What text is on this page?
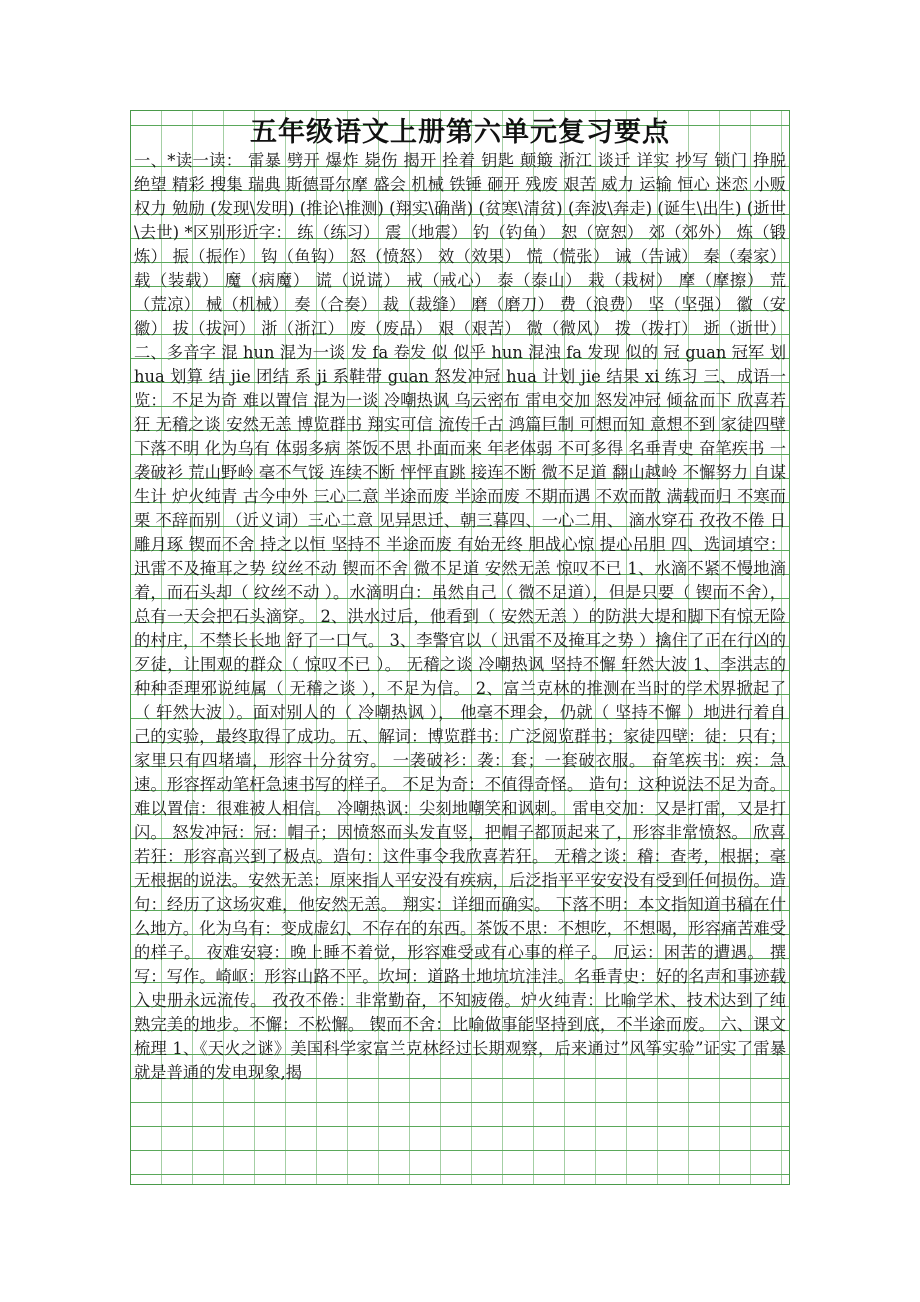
五年级语文上册第六单元复习要点

一、*读一读： 雷暴 劈开 爆炸 毙伤 揭开 拴着 钥匙 颠簸 浙江 谈迁 详实 抄写 锁门 挣脱 绝望 精彩 搜集 瑞典 斯德哥尔摩 盛会 机械 铁锤 砸开 残废 艰苦 威力 运输 恒心 迷恋 小贩 权力 勉励 (发现\发明) (推论\推测) (翔实\确凿) (贫寒\清贫) (奔波\奔走) (诞生\出生) (逝世\去世) *区别形近字： 练（练习） 震（地震） 钓（钓鱼） 恕（宽恕） 郊（郊外） 炼（锻炼） 振（振作） 钩（鱼钩） 怒（愤怒） 效（效果） 慌（慌张） 诫（告诫） 秦（秦家） 载（装载） 魔（病魔） 谎（说谎） 戒（戒心） 泰（泰山） 栽（栽树） 摩（摩擦） 荒（荒凉） 械（机械） 奏（合奏） 裁（裁缝） 磨（磨刀） 费（浪费） 坚（坚强） 徽（安徽） 拔（拔河） 浙（浙江） 废（废品） 艰（艰苦） 微（微风） 拨（拨打） 逝（逝世） 二、多音字 混 hun 混为一谈 发 fa 卷发 似 似乎 hun 混浊 fa 发现 似的 冠 guan 冠军 划 hua 划算 结 jie 团结 系 ji 系鞋带 guan 怒发冲冠 hua 计划 jie 结果 xi 练习 三、成语一览： 不足为奇 难以置信 混为一谈 冷嘲热讽 乌云密布 雷电交加 怒发冲冠 倾盆而下 欣喜若狂 无稽之谈 安然无恙 博览群书 翔实可信 流传千古 鸿篇巨制 可想而知 意想不到 家徒四壁 下落不明 化为乌有 体弱多病 茶饭不思 扑面而来 年老体弱 不可多得 名垂青史 奋笔疾书 一袭破衫 荒山野岭 毫不气馁 连续不断 怦怦直跳 接连不断 微不足道 翻山越岭 不懈努力 自谋生计 炉火纯青 古今中外 三心二意 半途而废 半途而废 不期而遇 不欢而散 满载而归 不寒而栗 不辞而别 （近义词）三心二意 见异思迁、朝三暮四、一心二用、 滴水穿石 孜孜不倦 日雕月琢 锲而不舍 持之以恒 坚持不 半途而废 有始无终 胆战心惊 提心吊胆 四、选词填空：迅雷不及掩耳之势 纹丝不动 锲而不舍 微不足道 安然无恙 惊叹不已 1、水滴不紧不慢地滴着，而石头却（ 纹丝不动 ）。水滴明白：虽然自己（ 微不足道），但是只要（ 锲而不舍），总有一天会把石头滴穿。 2、洪水过后，他看到（ 安然无恙 ）的防洪大堤和脚下有惊无险的村庄，不禁长长地 舒了一口气。 3、李警官以（ 迅雷不及掩耳之势 ）擒住了正在行凶的歹徒，让围观的群众（ 惊叹不已 ）。 无稽之谈 冷嘲热讽 坚持不懈 轩然大波 1、李洪志的种种歪理邪说纯属（ 无稽之谈 ），不足为信。 2、富兰克林的推测在当时的学术界掀起了（ 轩然大波 ）。面对别人的（ 冷嘲热讽 ）， 他毫不理会，仍就（ 坚持不懈 ）地进行着自己的实验，最终取得了成功。五、解词：博览群书：广泛阅览群书；家徒四壁：徒：只有；家里只有四堵墙，形容十分贫穷。 一袭破衫：袭：套；一套破衣服。 奋笔疾书：疾：急速。形容挥动笔杆急速书写的样子。 不足为奇：不值得奇怪。 造句：这种说法不足为奇。 难以置信：很难被人相信。 冷嘲热讽：尖刻地嘲笑和讽刺。 雷电交加：又是打雷，又是打闪。 怒发冲冠：冠：帽子；因愤怒而头发直竖，把帽子都顶起来了，形容非常愤怒。 欣喜若狂：形容高兴到了极点。造句：这件事令我欣喜若狂。 无稽之谈：稽：查考，根据；毫无根据的说法。安然无恙：原来指人平安没有疾病，后泛指平平安安没有受到任何损伤。造句：经历了这场灾难，他安然无恙。 翔实：详细而确实。 下落不明：本文指知道书稿在什么地方。化为乌有：变成虚幻、不存在的东西。茶饭不思：不想吃，不想喝，形容痛苦难受的样子。 夜难安寝：晚上睡不着觉，形容难受或有心事的样子。 厄运：困苦的遭遇。 撰写：写作。崎岖：形容山路不平。坎坷：道路土地坑坑洼洼。名垂青史：好的名声和事迹载入史册永远流传。 孜孜不倦：非常勤奋，不知疲倦。炉火纯青：比喻学术、技术达到了纯熟完美的地步。不懈：不松懈。 锲而不舍：比喻做事能坚持到底，不半途而废。 六、课文梳理 1、《天火之谜》美国科学家富兰克林经过长期观察，后来通过”风筝实验”证实了雷暴就是普通的发电现象,揭
